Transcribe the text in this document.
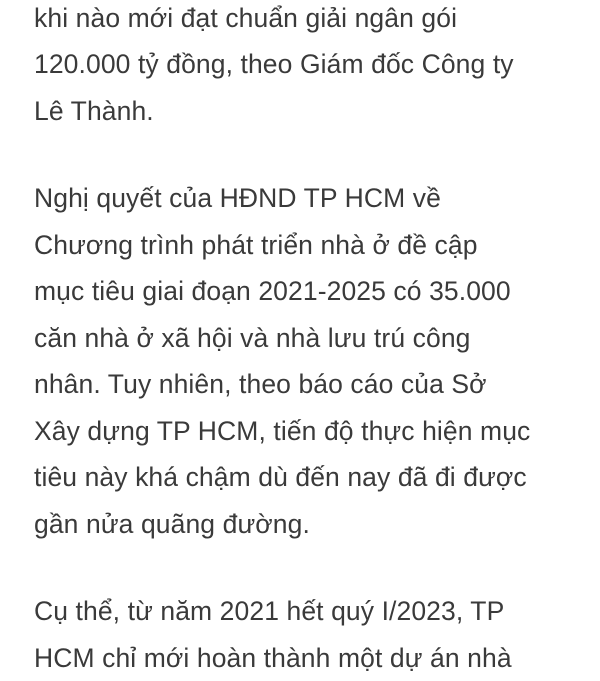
khi nào mới đạt chuẩn giải ngân gói
120.000 tỷ đồng, theo Giám đốc Công ty
Lê Thành.

Nghị quyết của HĐND TP HCM về
Chương trình phát triển nhà ở đề cập
mục tiêu giai đoạn 2021-2025 có 35.000
căn nhà ở xã hội và nhà lưu trú công
nhân. Tuy nhiên, theo báo cáo của Sở
Xây dựng TP HCM, tiến độ thực hiện mục
tiêu này khá chậm dù đến nay đã đi được
gần nửa quãng đường.

Cụ thể, từ năm 2021 hết quý I/2023, TP
HCM chỉ mới hoàn thành một dự án nhà
